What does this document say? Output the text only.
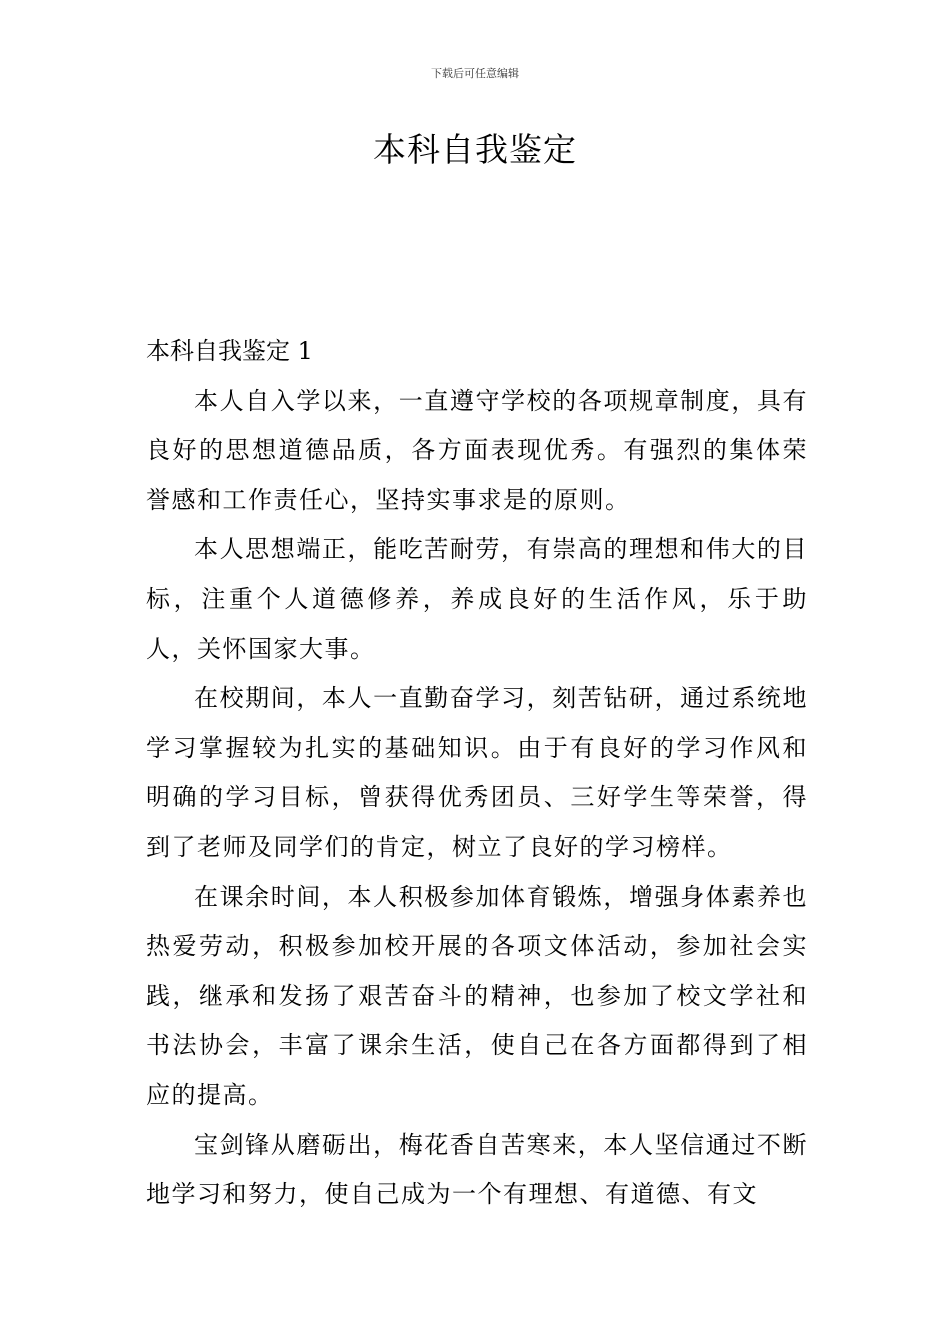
下载后可任意编辑
本科自我鉴定

本科自我鉴定 1

本人自入学以来，一直遵守学校的各项规章制度，具有良好的思想道德品质，各方面表现优秀。有强烈的集体荣誉感和工作责任心，坚持实事求是的原则。

本人思想端正，能吃苦耐劳，有崇高的理想和伟大的目标，注重个人道德修养，养成良好的生活作风，乐于助人，关怀国家大事。

在校期间，本人一直勤奋学习，刻苦钻研，通过系统地学习掌握较为扎实的基础知识。由于有良好的学习作风和明确的学习目标，曾获得优秀团员、三好学生等荣誉，得到了老师及同学们的肯定，树立了良好的学习榜样。

在课余时间，本人积极参加体育锻炼，增强身体素养也热爱劳动，积极参加校开展的各项文体活动，参加社会实践，继承和发扬了艰苦奋斗的精神，也参加了校文学社和书法协会，丰富了课余生活，使自己在各方面都得到了相应的提高。

宝剑锋从磨砺出，梅花香自苦寒来，本人坚信通过不断地学习和努力，使自己成为一个有理想、有道德、有文
